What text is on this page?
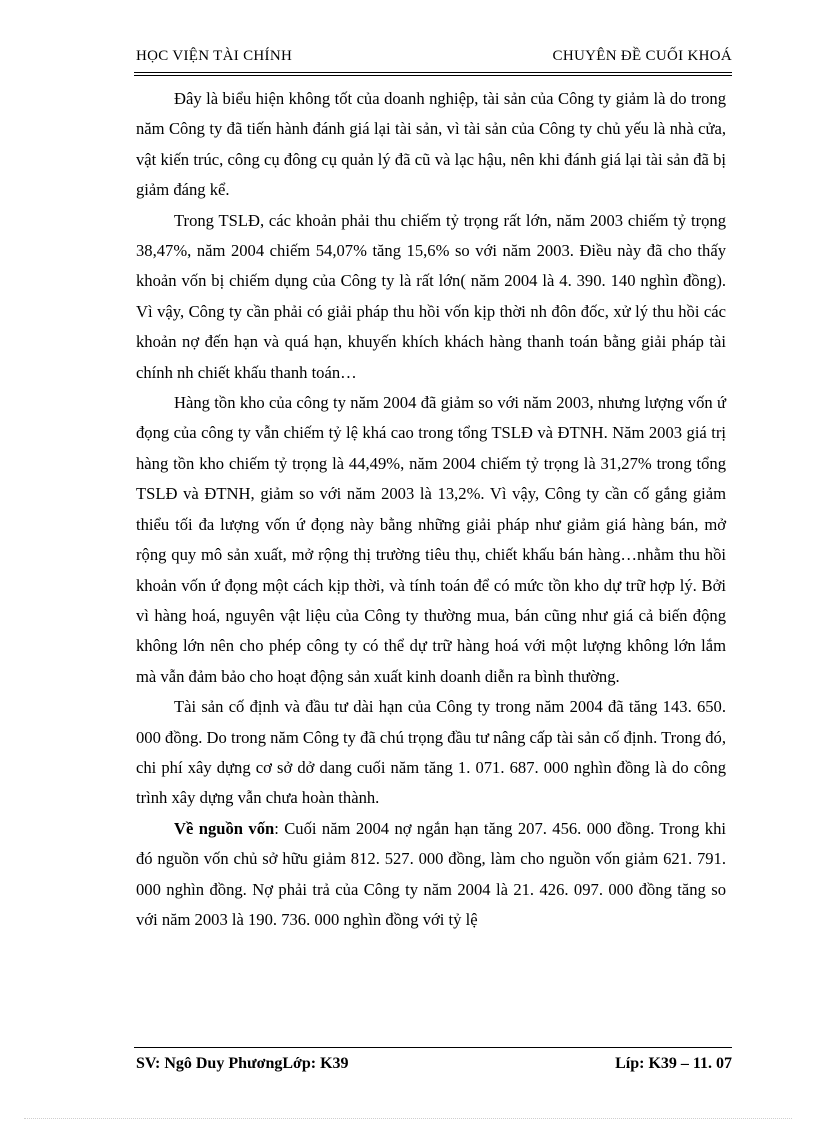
HỌC VIỆN TÀI CHÍNH	CHUYÊN ĐỀ CUỐI KHOÁ

Đây là biểu hiện không tốt của doanh nghiệp, tài sản của Công ty giảm là do trong năm Công ty đã tiến hành đánh giá lại tài sản, vì tài sản của Công ty chủ yếu là nhà cửa, vật kiến trúc, công cụ đông cụ quản lý đã cũ và lạc hậu, nên khi đánh giá lại tài sản đã bị giảm đáng kể.

Trong TSLĐ, các khoản phải thu chiếm tỷ trọng rất lớn, năm 2003 chiếm tỷ trọng 38,47%, năm 2004 chiếm 54,07% tăng 15,6% so với năm 2003. Điều này đã cho thấy khoản vốn bị chiếm dụng của Công ty là rất lớn( năm 2004 là 4. 390. 140 nghìn đồng). Vì vậy, Công ty cần phải có giải pháp thu hồi vốn kịp thời nh đôn đốc, xử lý thu hồi các khoản nợ đến hạn và quá hạn, khuyến khích khách hàng thanh toán bằng giải pháp tài chính nh chiết khấu thanh toán…

Hàng tồn kho của công ty năm 2004 đã giảm so với năm 2003, nhưng lượng vốn ứ đọng của công ty vẫn chiếm tỷ lệ khá cao trong tổng TSLĐ và ĐTNH. Năm 2003 giá trị hàng tồn kho chiếm tỷ trọng là 44,49%, năm 2004 chiếm tỷ trọng là 31,27% trong tổng TSLĐ và ĐTNH, giảm so với năm 2003 là 13,2%. Vì vậy, Công ty cần cố gắng giảm thiểu tối đa lượng vốn ứ đọng này bằng những giải pháp như giảm giá hàng bán, mở rộng quy mô sản xuất, mở rộng thị trường tiêu thụ, chiết khấu bán hàng…nhằm thu hồi khoản vốn ứ đọng một cách kịp thời, và tính toán để có mức tồn kho dự trữ hợp lý. Bởi vì hàng hoá, nguyên vật liệu của Công ty thường mua, bán cũng như giá cả biến động không lớn nên cho phép công ty có thể dự trữ hàng hoá với một lượng không lớn lắm mà vẫn đảm bảo cho hoạt động sản xuất kinh doanh diễn ra bình thường.

Tài sản cố định và đầu tư dài hạn của Công ty trong năm 2004 đã tăng 143. 650. 000 đồng. Do trong năm Công ty đã chú trọng đầu tư nâng cấp tài sản cố định. Trong đó, chi phí xây dựng cơ sở dở dang cuối năm tăng 1. 071. 687. 000 nghìn đồng là do công trình xây dựng vẫn chưa hoàn thành.

Về nguồn vốn: Cuối năm 2004 nợ ngắn hạn tăng 207. 456. 000 đồng. Trong khi đó nguồn vốn chủ sở hữu giảm 812. 527. 000 đồng, làm cho nguồn vốn giảm 621. 791. 000 nghìn đồng. Nợ phải trả của Công ty năm 2004 là 21. 426. 097. 000 đồng tăng so với năm 2003 là 190. 736. 000 nghìn đồng với tỷ lệ

SV: Ngô Duy PhươngLớp: K39	Líp: K39 – 11. 07
